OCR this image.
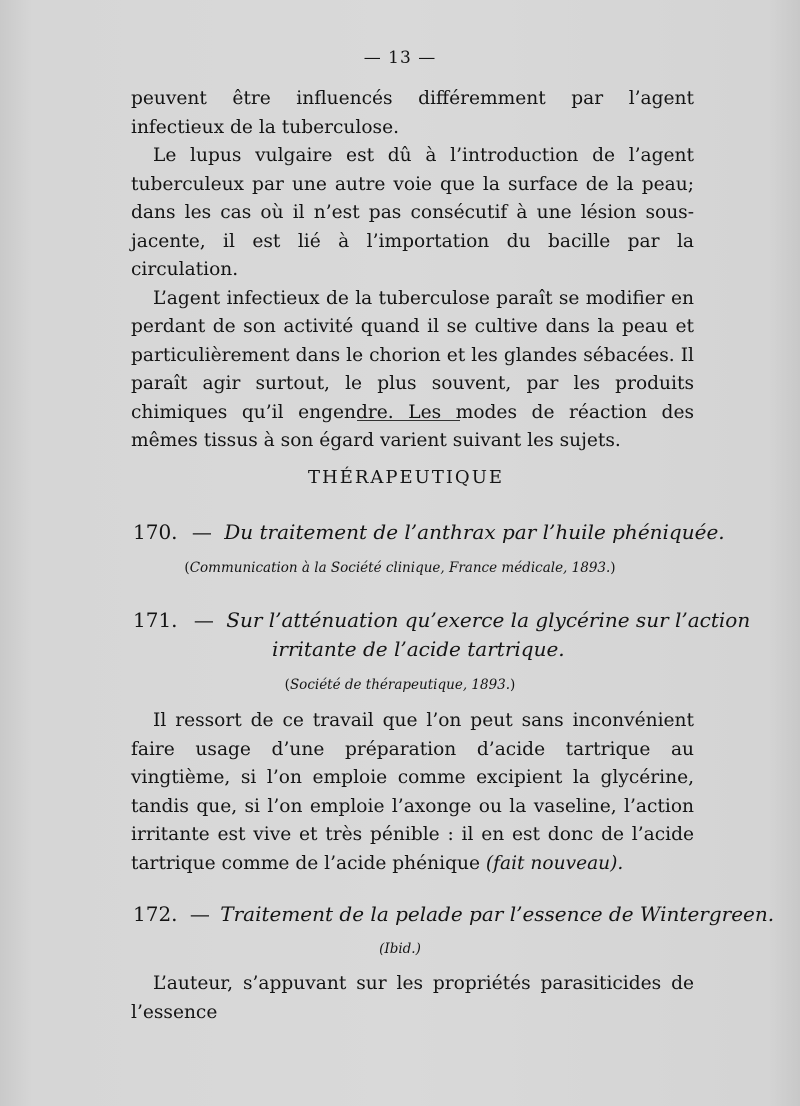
— 13 —

peuvent être influencés différemment par l’agent infectieux de la tuberculose.

Le lupus vulgaire est dû à l’introduction de l’agent tuberculeux par une autre voie que la surface de la peau; dans les cas où il n’est pas consécutif à une lésion sous-jacente, il est lié à l’importation du bacille par la circulation.

L’agent infectieux de la tuberculose paraît se modifier en perdant de son activité quand il se cultive dans la peau et particulièrement dans le chorion et les glandes sébacées. Il paraît agir surtout, le plus souvent, par les produits chimiques qu’il engendre. Les modes de réaction des mêmes tissus à son égard varient suivant les sujets.

THÉRAPEUTIQUE
170. — Du traitement de l’anthrax par l’huile phéniquée.
(Communication à la Société clinique, France médicale, 1893.)
171. — Sur l’atténuation qu’exerce la glycérine sur l’action
irritante de l’acide tartrique.
(Société de thérapeutique, 1893.)

Il ressort de ce travail que l’on peut sans inconvénient faire usage d’une préparation d’acide tartrique au vingtième, si l’on emploie comme excipient la glycérine, tandis que, si l’on emploie l’axonge ou la vaseline, l’action irritante est vive et très pénible : il en est donc de l’acide tartrique comme de l’acide phénique (fait nouveau).

172. — Traitement de la pelade par l’essence de Wintergreen.
(Ibid.)

L’auteur, s’appuvant sur les propriétés parasiticides de l’essence
